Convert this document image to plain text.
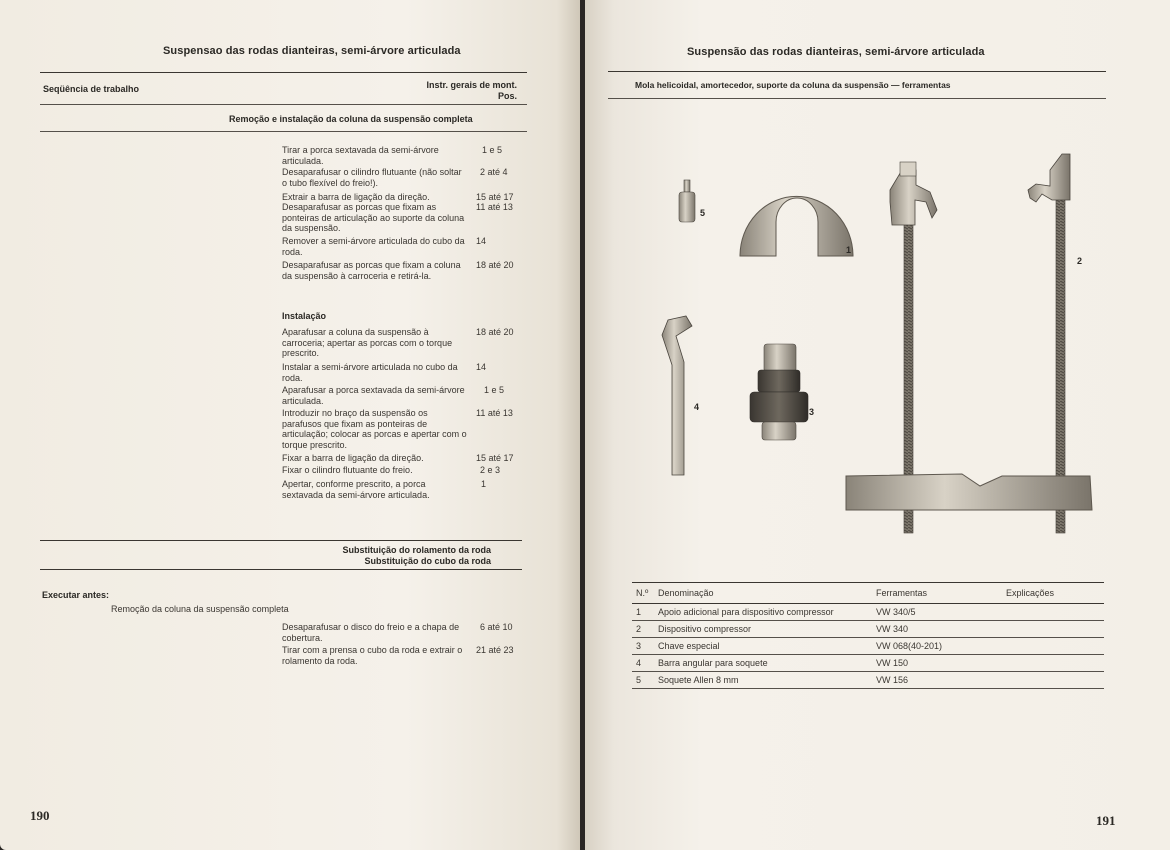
Suspensao das rodas dianteiras, semi-árvore articulada
Seqüência de trabalho	Instr. gerais de mont.
Pos.
Remoção e instalação da coluna da suspensão completa
Tirar a porca sextavada da semi-árvore articulada.
1 e 5
Desaparafusar o cilindro flutuante (não soltar o tubo flexível do freio!).
2 até 4
Extrair a barra de ligação da direção.	15 até 17
Desaparafusar as porcas que fixam as ponteiras de articulação ao suporte da coluna da suspensão.
11 até 13
Remover a semi-árvore articulada do cubo da roda.
14
Desaparafusar as porcas que fixam a coluna da suspensão à carroceria e retirá-la.
18 até 20
Instalação
Aparafusar a coluna da suspensão à carroceria; apertar as porcas com o torque prescrito.
18 até 20
Instalar a semi-árvore articulada no cubo da roda.
14
Aparafusar a porca sextavada da semi-árvore articulada.
1 e 5
Introduzir no braço da suspensão os parafusos que fixam as ponteiras de articulação; colocar as porcas e apertar com o torque prescrito.
11 até 13
Fixar a barra de ligação da direção.	15 até 17
Fixar o cilindro flutuante do freio.	2 e 3
Apertar, conforme prescrito, a porca sextavada da semi-árvore articulada.
1
Substituição do rolamento da roda
Substituição do cubo da roda
Executar antes:
Remoção da coluna da suspensão completa
Desaparafusar o disco do freio e a chapa de cobertura.
6 até 10
Tirar com a prensa o cubo da roda e extrair o rolamento da roda.
21 até 23
190
Suspensão das rodas dianteiras, semi-árvore articulada
Mola helicoidal, amortecedor, suporte da coluna da suspensão — ferramentas
191
5
1
2
3
4
N.º	Denominação	Ferramentas	Explicações
1	Apoio adicional para dispositivo compressor	VW 340/5	
2	Dispositivo compressor	VW 340	
3	Chave especial	VW 068(40-201)	
4	Barra angular para soquete	VW 150	
5	Soquete Allen 8 mm	VW 156	
